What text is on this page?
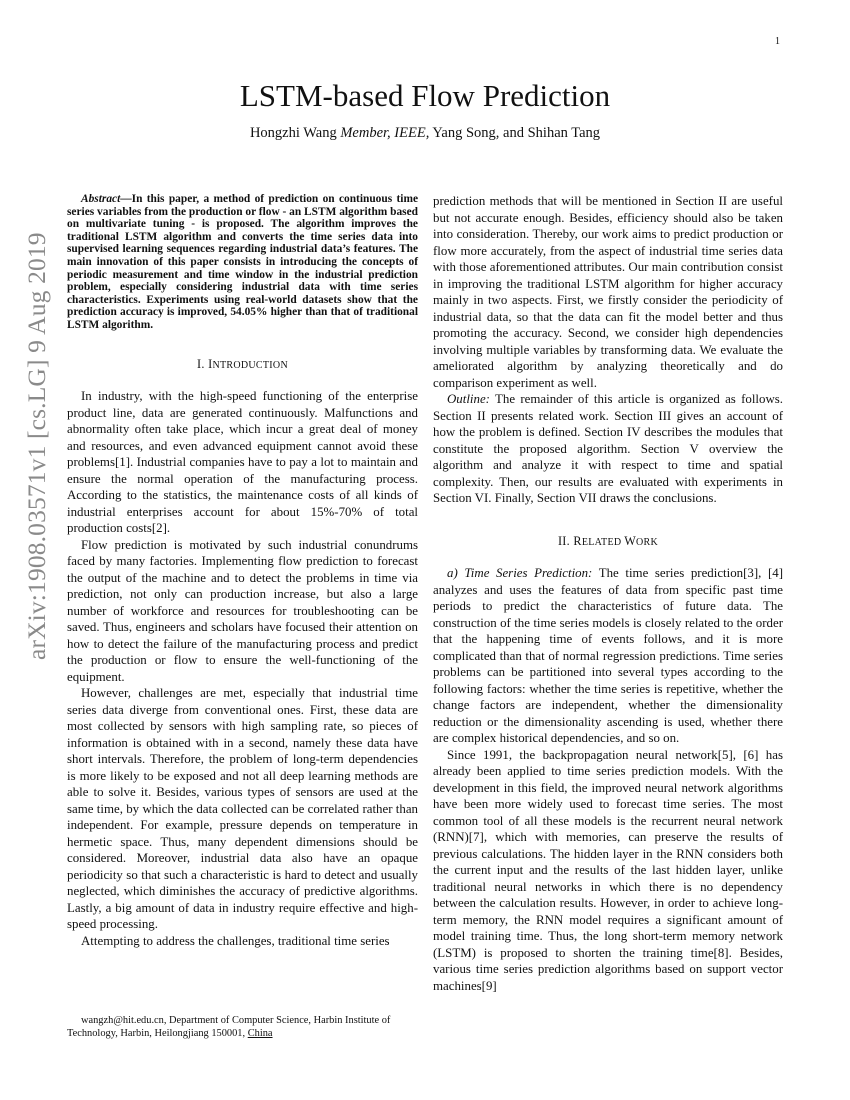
1
arXiv:1908.03571v1 [cs.LG] 9 Aug 2019
LSTM-based Flow Prediction
Hongzhi Wang Member, IEEE, Yang Song, and Shihan Tang

Abstract—In this paper, a method of prediction on continuous time series variables from the production or flow - an LSTM algorithm based on multivariate tuning - is proposed. The algorithm improves the traditional LSTM algorithm and converts the time series data into supervised learning sequences regarding industrial data’s features. The main innovation of this paper consists in introducing the concepts of periodic measurement and time window in the industrial prediction problem, especially considering industrial data with time series characteristics. Experiments using real-world datasets show that the prediction accuracy is improved, 54.05% higher than that of traditional LSTM algorithm.

I. INTRODUCTION

In industry, with the high-speed functioning of the enterprise product line, data are generated continuously. Malfunctions and abnormality often take place, which incur a great deal of money and resources, and even advanced equipment cannot avoid these problems[1]. Industrial companies have to pay a lot to maintain and ensure the normal operation of the manufacturing process. According to the statistics, the maintenance costs of all kinds of industrial enterprises account for about 15%-70% of total production costs[2].

Flow prediction is motivated by such industrial conundrums faced by many factories. Implementing flow prediction to forecast the output of the machine and to detect the problems in time via prediction, not only can production increase, but also a large number of workforce and resources for troubleshooting can be saved. Thus, engineers and scholars have focused their attention on how to detect the failure of the manufacturing process and predict the production or flow to ensure the well-functioning of the equipment.

However, challenges are met, especially that industrial time series data diverge from conventional ones. First, these data are most collected by sensors with high sampling rate, so pieces of information is obtained with in a second, namely these data have short intervals. Therefore, the problem of long-term dependencies is more likely to be exposed and not all deep learning methods are able to solve it. Besides, various types of sensors are used at the same time, by which the data collected can be correlated rather than independent. For example, pressure depends on temperature in hermetic space. Thus, many dependent dimensions should be considered. Moreover, industrial data also have an opaque periodicity so that such a characteristic is hard to detect and usually neglected, which diminishes the accuracy of predictive algorithms. Lastly, a big amount of data in industry require effective and high-speed processing.

Attempting to address the challenges, traditional time series

wangzh@hit.edu.cn, Department of Computer Science, Harbin Institute of Technology, Harbin, Heilongjiang 150001, China

prediction methods that will be mentioned in Section II are useful but not accurate enough. Besides, efficiency should also be taken into consideration. Thereby, our work aims to predict production or flow more accurately, from the aspect of industrial time series data with those aforementioned attributes. Our main contribution consist in improving the traditional LSTM algorithm for higher accuracy mainly in two aspects. First, we firstly consider the periodicity of industrial data, so that the data can fit the model better and thus promoting the accuracy. Second, we consider high dependencies involving multiple variables by transforming data. We evaluate the ameliorated algorithm by analyzing theoretically and do comparison experiment as well.

Outline: The remainder of this article is organized as follows. Section II presents related work. Section III gives an account of how the problem is defined. Section IV describes the modules that constitute the proposed algorithm. Section V overview the algorithm and analyze it with respect to time and spatial complexity. Then, our results are evaluated with experiments in Section VI. Finally, Section VII draws the conclusions.

II. RELATED WORK

a) Time Series Prediction: The time series prediction[3], [4] analyzes and uses the features of data from specific past time periods to predict the characteristics of future data. The construction of the time series models is closely related to the order that the happening time of events follows, and it is more complicated than that of normal regression predictions. Time series problems can be partitioned into several types according to the following factors: whether the time series is repetitive, whether the change factors are independent, whether the dimensionality reduction or the dimensionality ascending is used, whether there are complex historical dependencies, and so on.

Since 1991, the backpropagation neural network[5], [6] has already been applied to time series prediction models. With the development in this field, the improved neural network algorithms have been more widely used to forecast time series. The most common tool of all these models is the recurrent neural network (RNN)[7], which with memories, can preserve the results of previous calculations. The hidden layer in the RNN considers both the current input and the results of the last hidden layer, unlike traditional neural networks in which there is no dependency between the calculation results. However, in order to achieve long-term memory, the RNN model requires a significant amount of model training time. Thus, the long short-term memory network (LSTM) is proposed to shorten the training time[8]. Besides, various time series prediction algorithms based on support vector machines[9]
